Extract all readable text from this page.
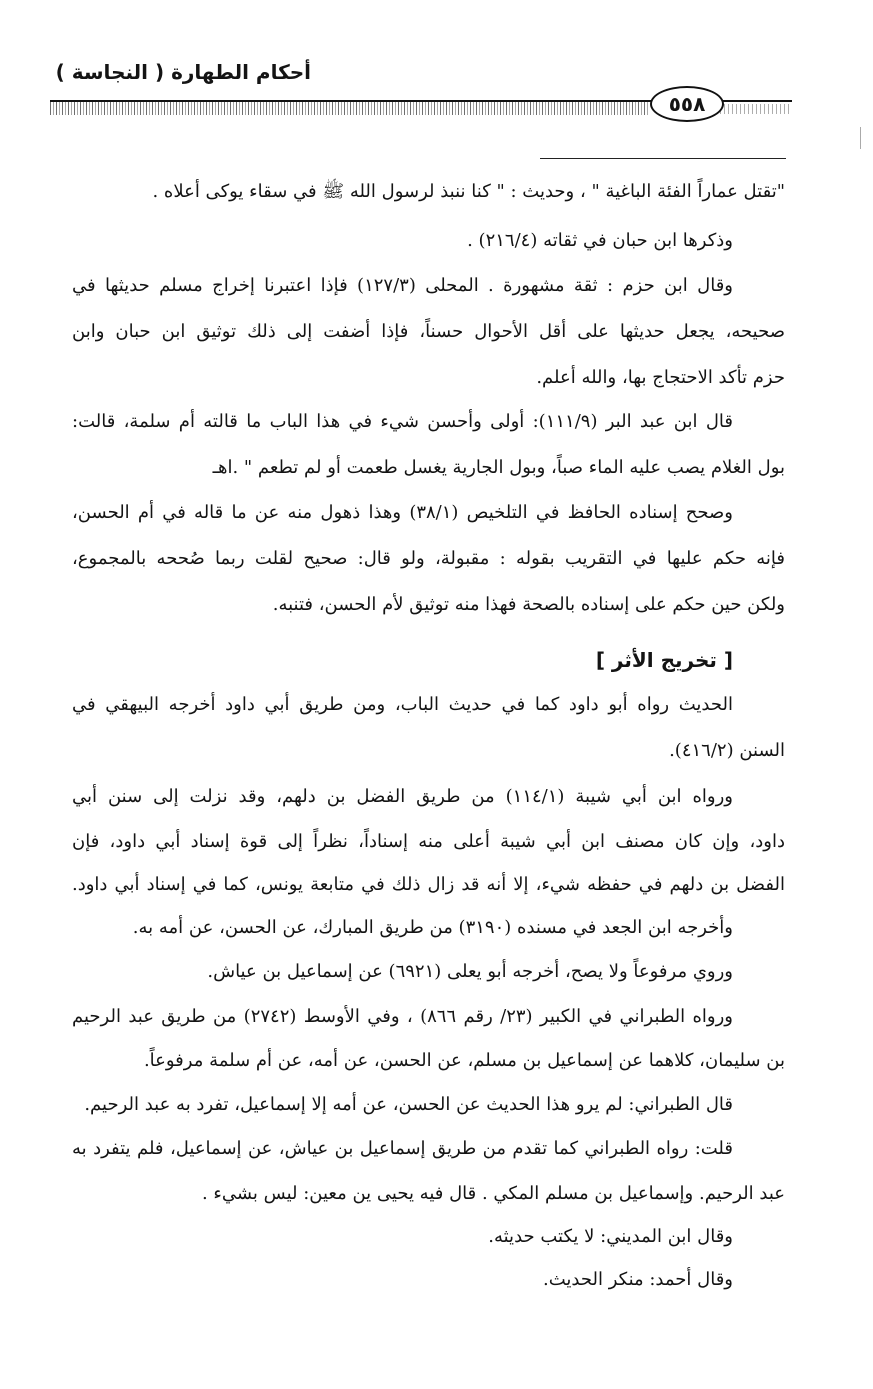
أحكام الطهارة ( النجاسة )
٥٥٨
"تقتل عماراً الفئة الباغية " ، وحديث : " كنا ننبذ لرسول الله ﷺ في سقاء يوكى أعلاه .
وذكرها ابن حبان في ثقاته (٢١٦/٤) .
وقال ابن حزم : ثقة مشهورة . المحلى (١٢٧/٣) فإذا اعتبرنا إخراج مسلم حديثها في
صحيحه، يجعل حديثها على أقل الأحوال حسناً، فإذا أضفت إلى ذلك توثيق ابن حبان وابن
حزم تأكد الاحتجاج بها، والله أعلم.
قال ابن عبد البر (١١١/٩): أولى وأحسن شيء في هذا الباب ما قالته أم سلمة، قالت:
بول الغلام يصب عليه الماء صباً، وبول الجارية يغسل طعمت أو لم تطعم " .اهـ
وصحح إسناده الحافظ في التلخيص (٣٨/١) وهذا ذهول منه عن ما قاله في أم الحسن،
فإنه حكم عليها في التقريب بقوله : مقبولة، ولو قال: صحيح لقلت ربما صُححه بالمجموع،
ولكن حين حكم على إسناده بالصحة فهذا منه توثيق لأم الحسن، فتنبه.
[ تخريج الأثر ]
الحديث رواه أبو داود كما في حديث الباب، ومن طريق أبي داود أخرجه البيهقي في
السنن (٤١٦/٢).
ورواه ابن أبي شيبة (١١٤/١) من طريق الفضل بن دلهم، وقد نزلت إلى سنن أبي
داود، وإن كان مصنف ابن أبي شيبة أعلى منه إسناداً، نظراً إلى قوة إسناد أبي داود، فإن
الفضل بن دلهم في حفظه شيء، إلا أنه قد زال ذلك في متابعة يونس، كما في إسناد أبي داود.
وأخرجه ابن الجعد في مسنده (٣١٩٠) من طريق المبارك، عن الحسن، عن أمه به.
وروي مرفوعاً ولا يصح، أخرجه أبو يعلى (٦٩٢١) عن إسماعيل بن عياش.
ورواه الطبراني في الكبير (٢٣/ رقم ٨٦٦) ، وفي الأوسط (٢٧٤٢) من طريق عبد الرحيم
بن سليمان، كلاهما عن إسماعيل بن مسلم، عن الحسن، عن أمه، عن أم سلمة مرفوعاً.
قال الطبراني: لم يرو هذا الحديث عن الحسن، عن أمه إلا إسماعيل، تفرد به عبد الرحيم.
قلت: رواه الطبراني كما تقدم من طريق إسماعيل بن عياش، عن إسماعيل، فلم يتفرد به
عبد الرحيم. وإسماعيل بن مسلم المكي . قال فيه يحيى ين معين: ليس بشيء .
وقال ابن المديني: لا يكتب حديثه.
وقال أحمد: منكر الحديث.
